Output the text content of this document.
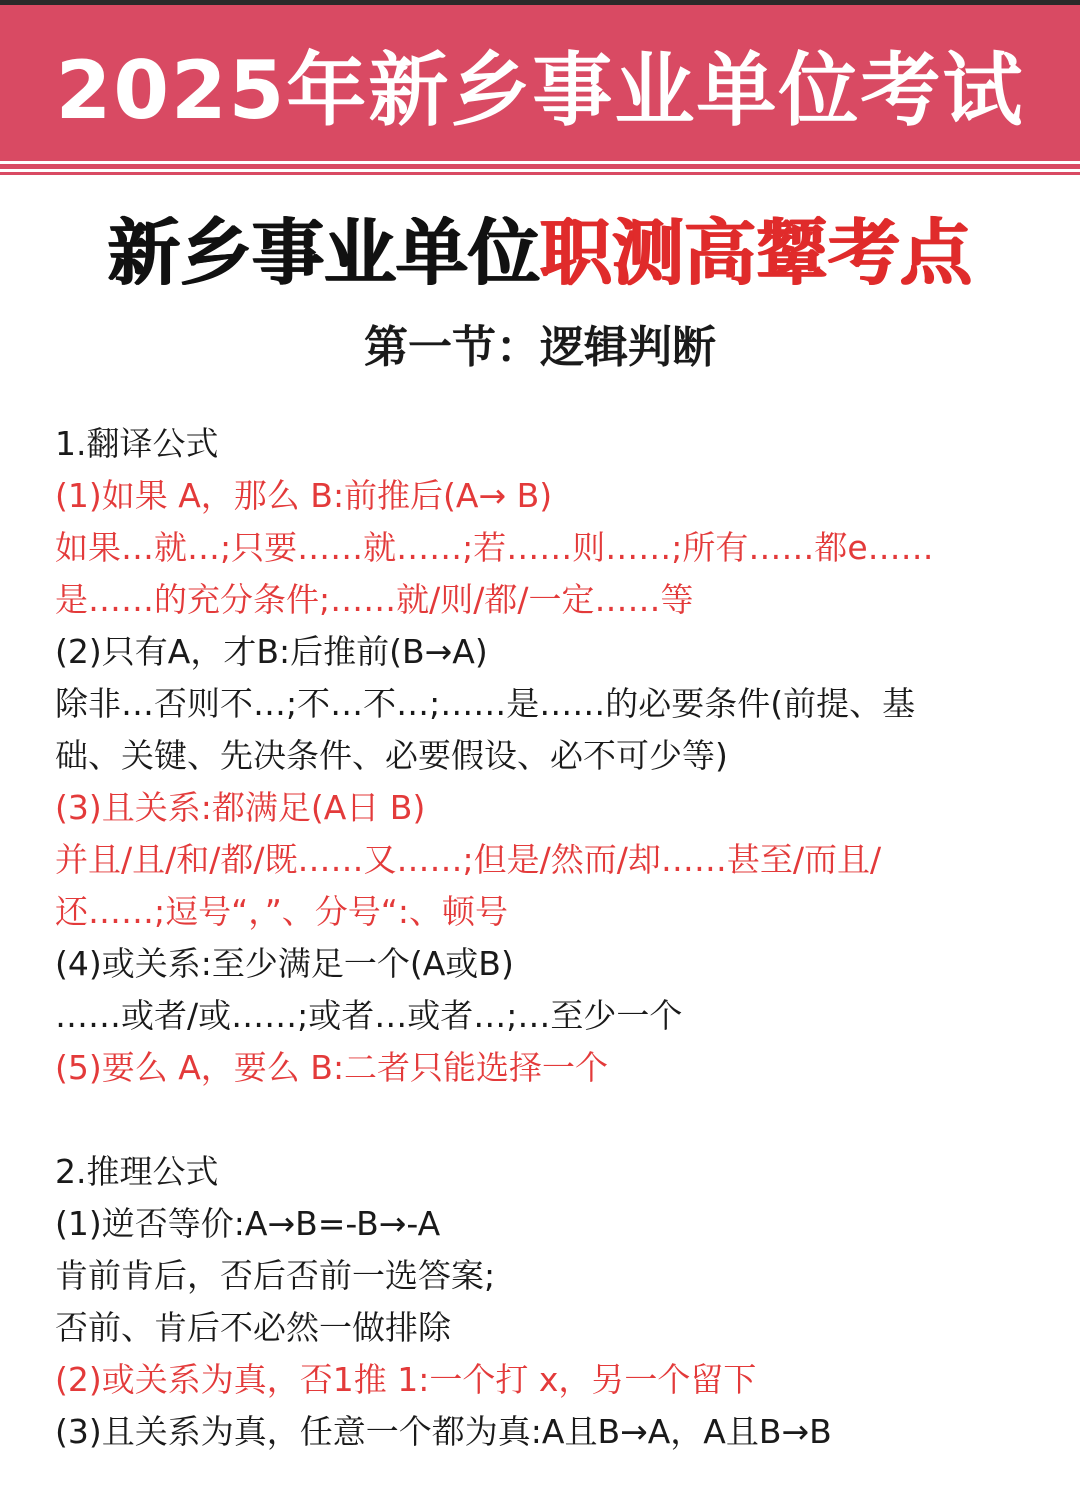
2025年新乡事业单位考试
新乡事业单位职测高颦考点
第一节：逻辑判断
1.翻译公式
(1)如果 A，那么 B:前推后(A→ B)
如果…就…;只要……就……;若……则……;所有……都e……
是……的充分条件;……就/则/都/一定……等
(2)只有A，才B:后推前(B→A)
除非…否则不…;不…不…;……是……的必要条件(前提、基
础、关键、先决条件、必要假设、必不可少等)
(3)且关系:都满足(A日 B)
并且/且/和/都/既……又……;但是/然而/却……甚至/而且/
还……;逗号“，”、分号“:、顿号
(4)或关系:至少满足一个(A或B)
……或者/或……;或者…或者…;…至少一个
(5)要么 A，要么 B:二者只能选择一个
2.推理公式
(1)逆否等价:A→B=-B→-A
肯前肯后，否后否前一选答案;
否前、肯后不必然一做排除
(2)或关系为真，否1推 1:一个打 x，另一个留下
(3)且关系为真，任意一个都为真:A且B→A，A且B→B
